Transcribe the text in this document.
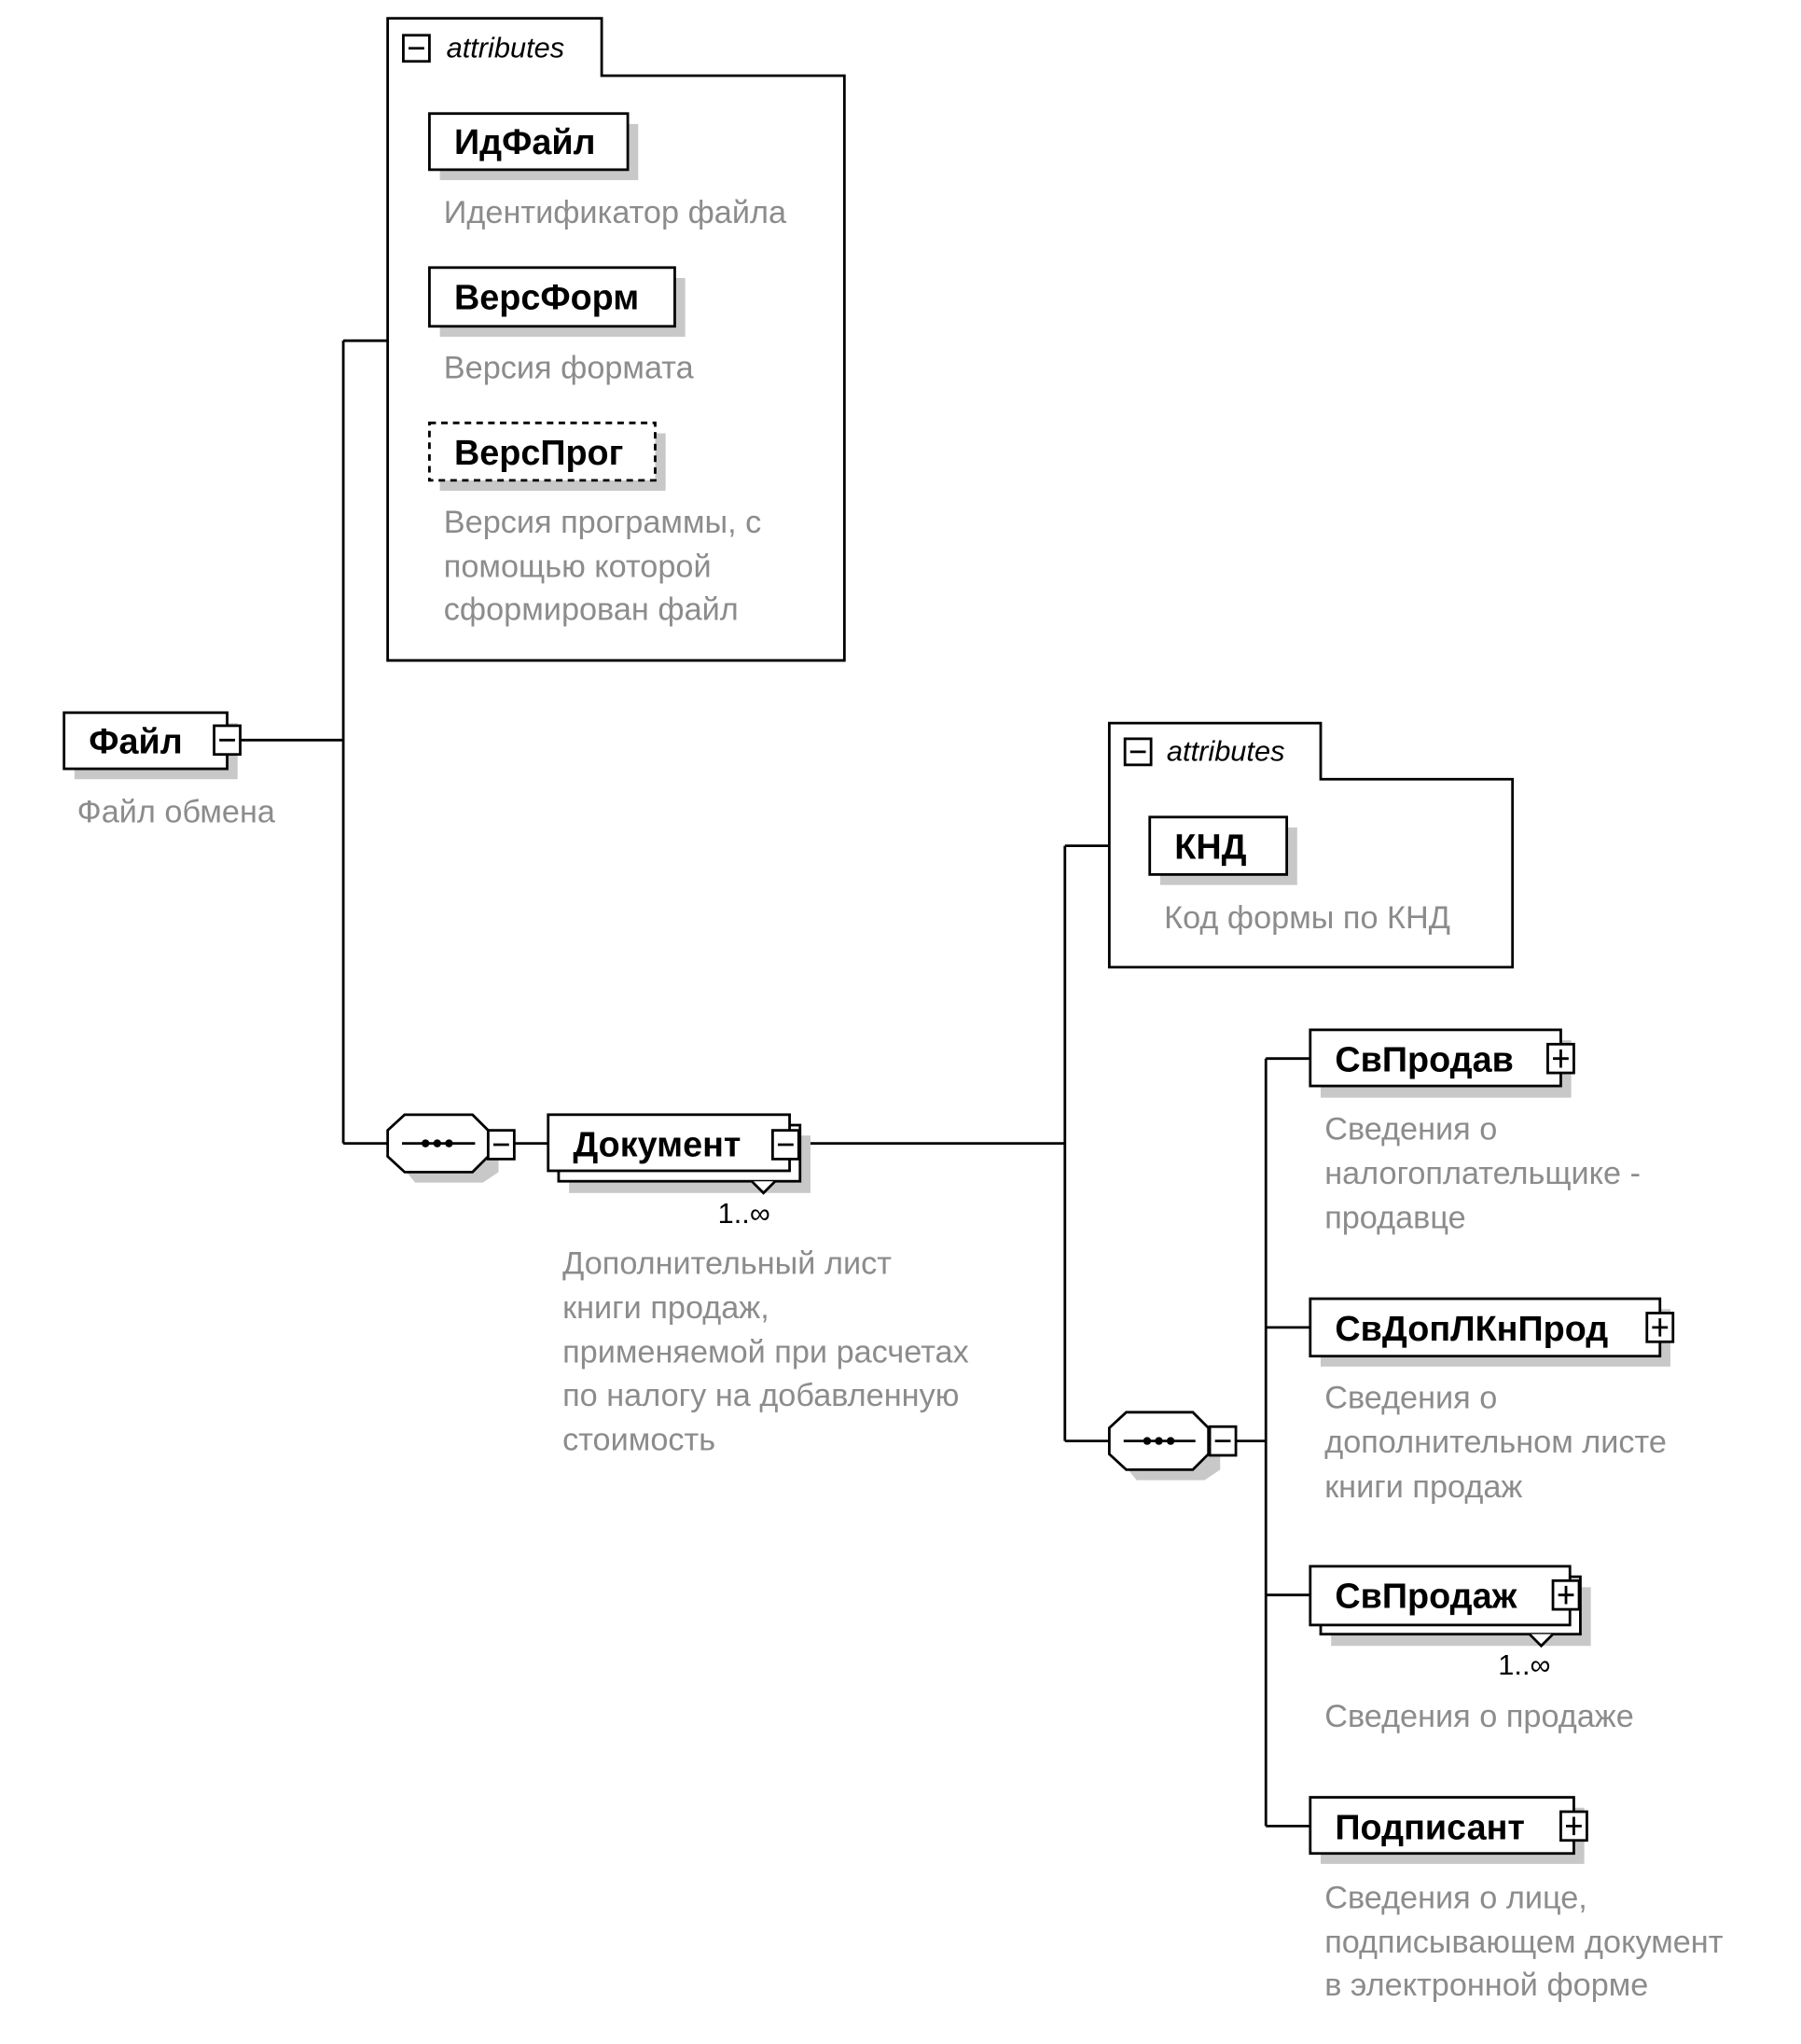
attributes
ИдФайл
Идентификатор файла
ВерсФорм
Версия формата
ВерсПрог
Версия программы, с
помощью которой
сформирован файл
Файл
Файл обмена
Документ
1..∞
Дополнительный лист
книги продаж,
применяемой при расчетах
по налогу на добавленную
стоимость
attributes
КНД
Код формы по КНД
СвПродав
Сведения о
налогоплательщике -
продавце
СвДопЛКнПрод
Сведения о
дополнительном листе
книги продаж
СвПродаж
1..∞
Сведения о продаже
Подписант
Сведения о лице,
подписывающем документ
в электронной форме
